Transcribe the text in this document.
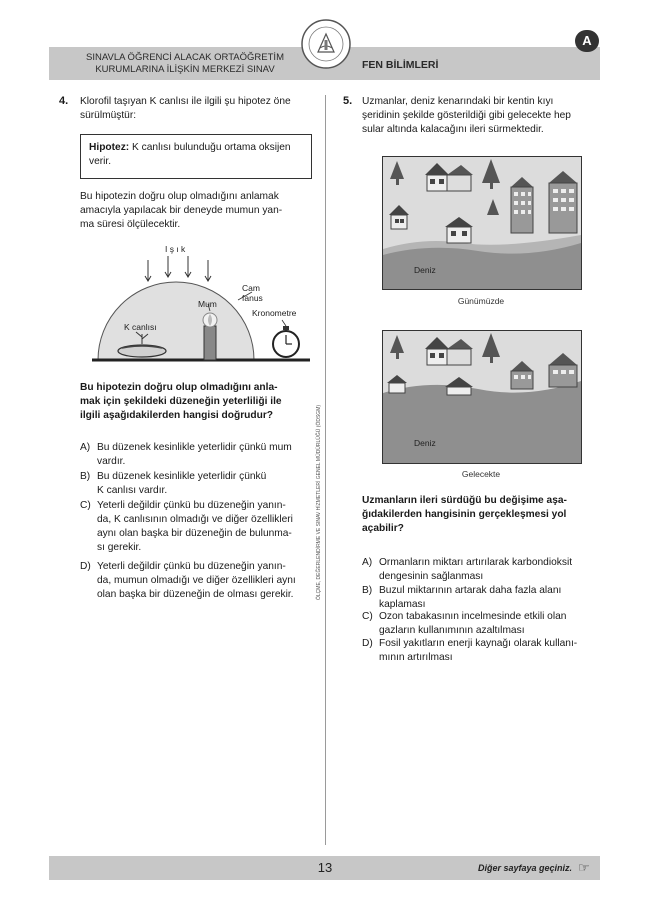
SINAVLA ÖĞRENCİ ALACAK ORTAÖĞRETİM
KURUMLARINA İLİŞKİN MERKEZİ SINAV	FEN BİLİMLERİ
A
ÖLÇME, DEĞERLENDİRME VE SINAV HİZMETLERİ GENEL MÜDÜRLÜĞÜ (ÖDSGM)
4. Klorofil taşıyan K canlısı ile ilgili şu hipotez öne
sürülmüştür:
Hipotez: K canlısı bulunduğu ortama oksijen
verir.
Bu hipotezin doğru olup olmadığını anlamak
amacıyla yapılacak bir deneyde mumun yan-
ma süresi ölçülecektir.
I ş ı k
Cam
fanus
Mum
Kronometre
K canlısı
Bu hipotezin doğru olup olmadığını anla-
mak için şekildeki düzeneğin yeterliliği ile
ilgili aşağıdakilerden hangisi doğrudur?
A) Bu düzenek kesinlikle yeterlidir çünkü mum
vardır.
B) Bu düzenek kesinlikle yeterlidir çünkü
K canlısı vardır.
C) Yeterli değildir çünkü bu düzeneğin yanın-
da, K canlısının olmadığı ve diğer özellikleri
aynı olan başka bir düzeneğin de bulunma-
sı gerekir.
D) Yeterli değildir çünkü bu düzeneğin yanın-
da, mumun olmadığı ve diğer özellikleri aynı
olan başka bir düzeneğin de olması gerekir.
5. Uzmanlar, deniz kenarındaki bir kentin kıyı
şeridinin şekilde gösterildiği gibi gelecekte hep
sular altında kalacağını ileri sürmektedir.
Deniz
Günümüzde
Deniz
Gelecekte
Uzmanların ileri sürdüğü bu değişime aşa-
ğıdakilerden hangisinin gerçekleşmesi yol
açabilir?
A) Ormanların miktarı artırılarak karbondioksit
dengesinin sağlanması
B) Buzul miktarının artarak daha fazla alanı
kaplaması
C) Ozon tabakasının incelmesinde etkili olan
gazların kullanımının azaltılması
D) Fosil yakıtların enerji kaynağı olarak kullanı-
mının artırılması
13	Diğer sayfaya geçiniz. ☞
